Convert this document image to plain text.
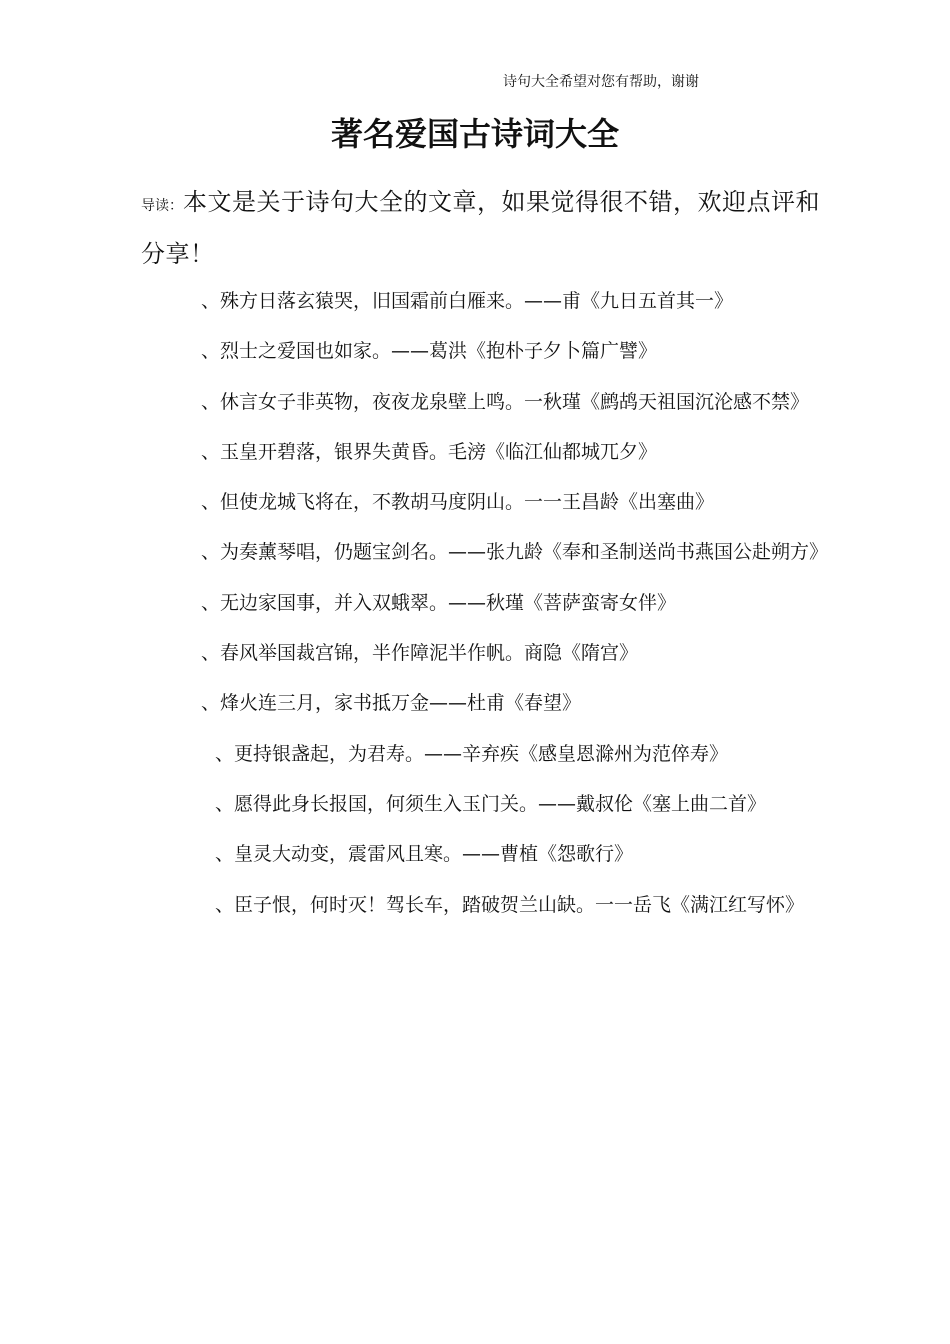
诗句大全希望对您有帮助，谢谢
著名爱国古诗词大全
导读：本文是关于诗句大全的文章，如果觉得很不错，欢迎点评和分享！
、殊方日落玄猿哭，旧国霜前白雁来。——甫《九日五首其一》
、烈士之爱国也如家。——葛洪《抱朴子夕卜篇广譬》
、休言女子非英物，夜夜龙泉壁上鸣。一秋瑾《鹧鸪天祖国沉沦感不禁》
、玉皇开碧落，银界失黄昏。毛滂《临江仙都城兀夕》
、但使龙城飞将在，不教胡马度阴山。一一王昌龄《出塞曲》
、为奏薰琴唱，仍题宝剑名。——张九龄《奉和圣制送尚书燕国公赴朔方》
、无边家国事，并入双蛾翠。——秋瑾《菩萨蛮寄女伴》
、春风举国裁宫锦，半作障泥半作帆。商隐《隋宫》
、烽火连三月，家书抵万金——杜甫《春望》
、更持银盏起，为君寿。——辛弃疾《感皇恩滁州为范倅寿》
、愿得此身长报国，何须生入玉门关。——戴叔伦《塞上曲二首》
、皇灵大动变，震雷风且寒。——曹植《怨歌行》
、臣子恨，何时灭！驾长车，踏破贺兰山缺。一一岳飞《满江红写怀》
